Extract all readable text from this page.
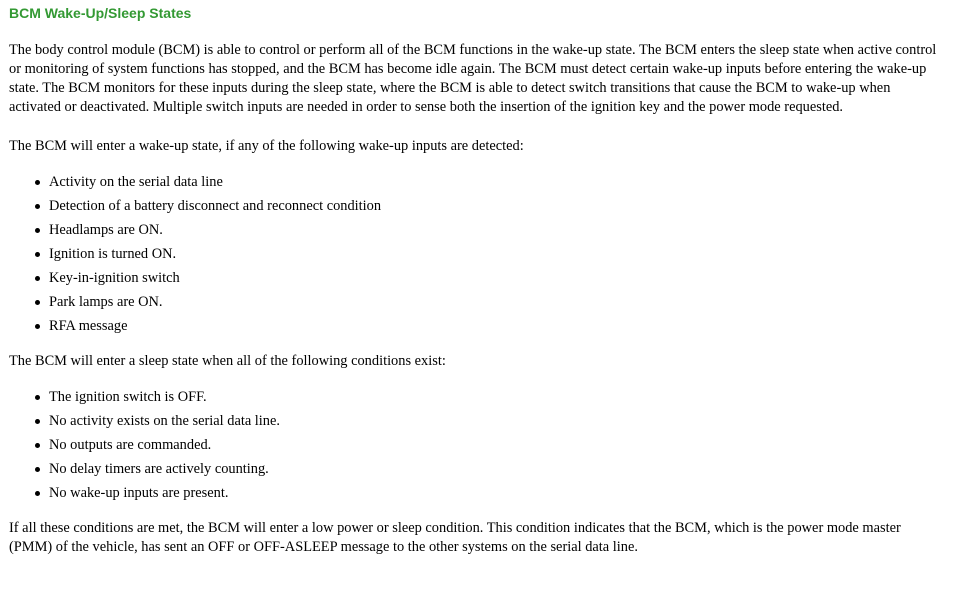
BCM Wake-Up/Sleep States

The body control module (BCM) is able to control or perform all of the BCM functions in the wake-up state. The BCM enters the sleep state when active control or monitoring of system functions has stopped, and the BCM has become idle again. The BCM must detect certain wake-up inputs before entering the wake-up state. The BCM monitors for these inputs during the sleep state, where the BCM is able to detect switch transitions that cause the BCM to wake-up when activated or deactivated. Multiple switch inputs are needed in order to sense both the insertion of the ignition key and the power mode requested.

The BCM will enter a wake-up state, if any of the following wake-up inputs are detected:

Activity on the serial data line
Detection of a battery disconnect and reconnect condition
Headlamps are ON.
Ignition is turned ON.
Key-in-ignition switch
Park lamps are ON.
RFA message

The BCM will enter a sleep state when all of the following conditions exist:

The ignition switch is OFF.
No activity exists on the serial data line.
No outputs are commanded.
No delay timers are actively counting.
No wake-up inputs are present.

If all these conditions are met, the BCM will enter a low power or sleep condition. This condition indicates that the BCM, which is the power mode master (PMM) of the vehicle, has sent an OFF or OFF-ASLEEP message to the other systems on the serial data line.
